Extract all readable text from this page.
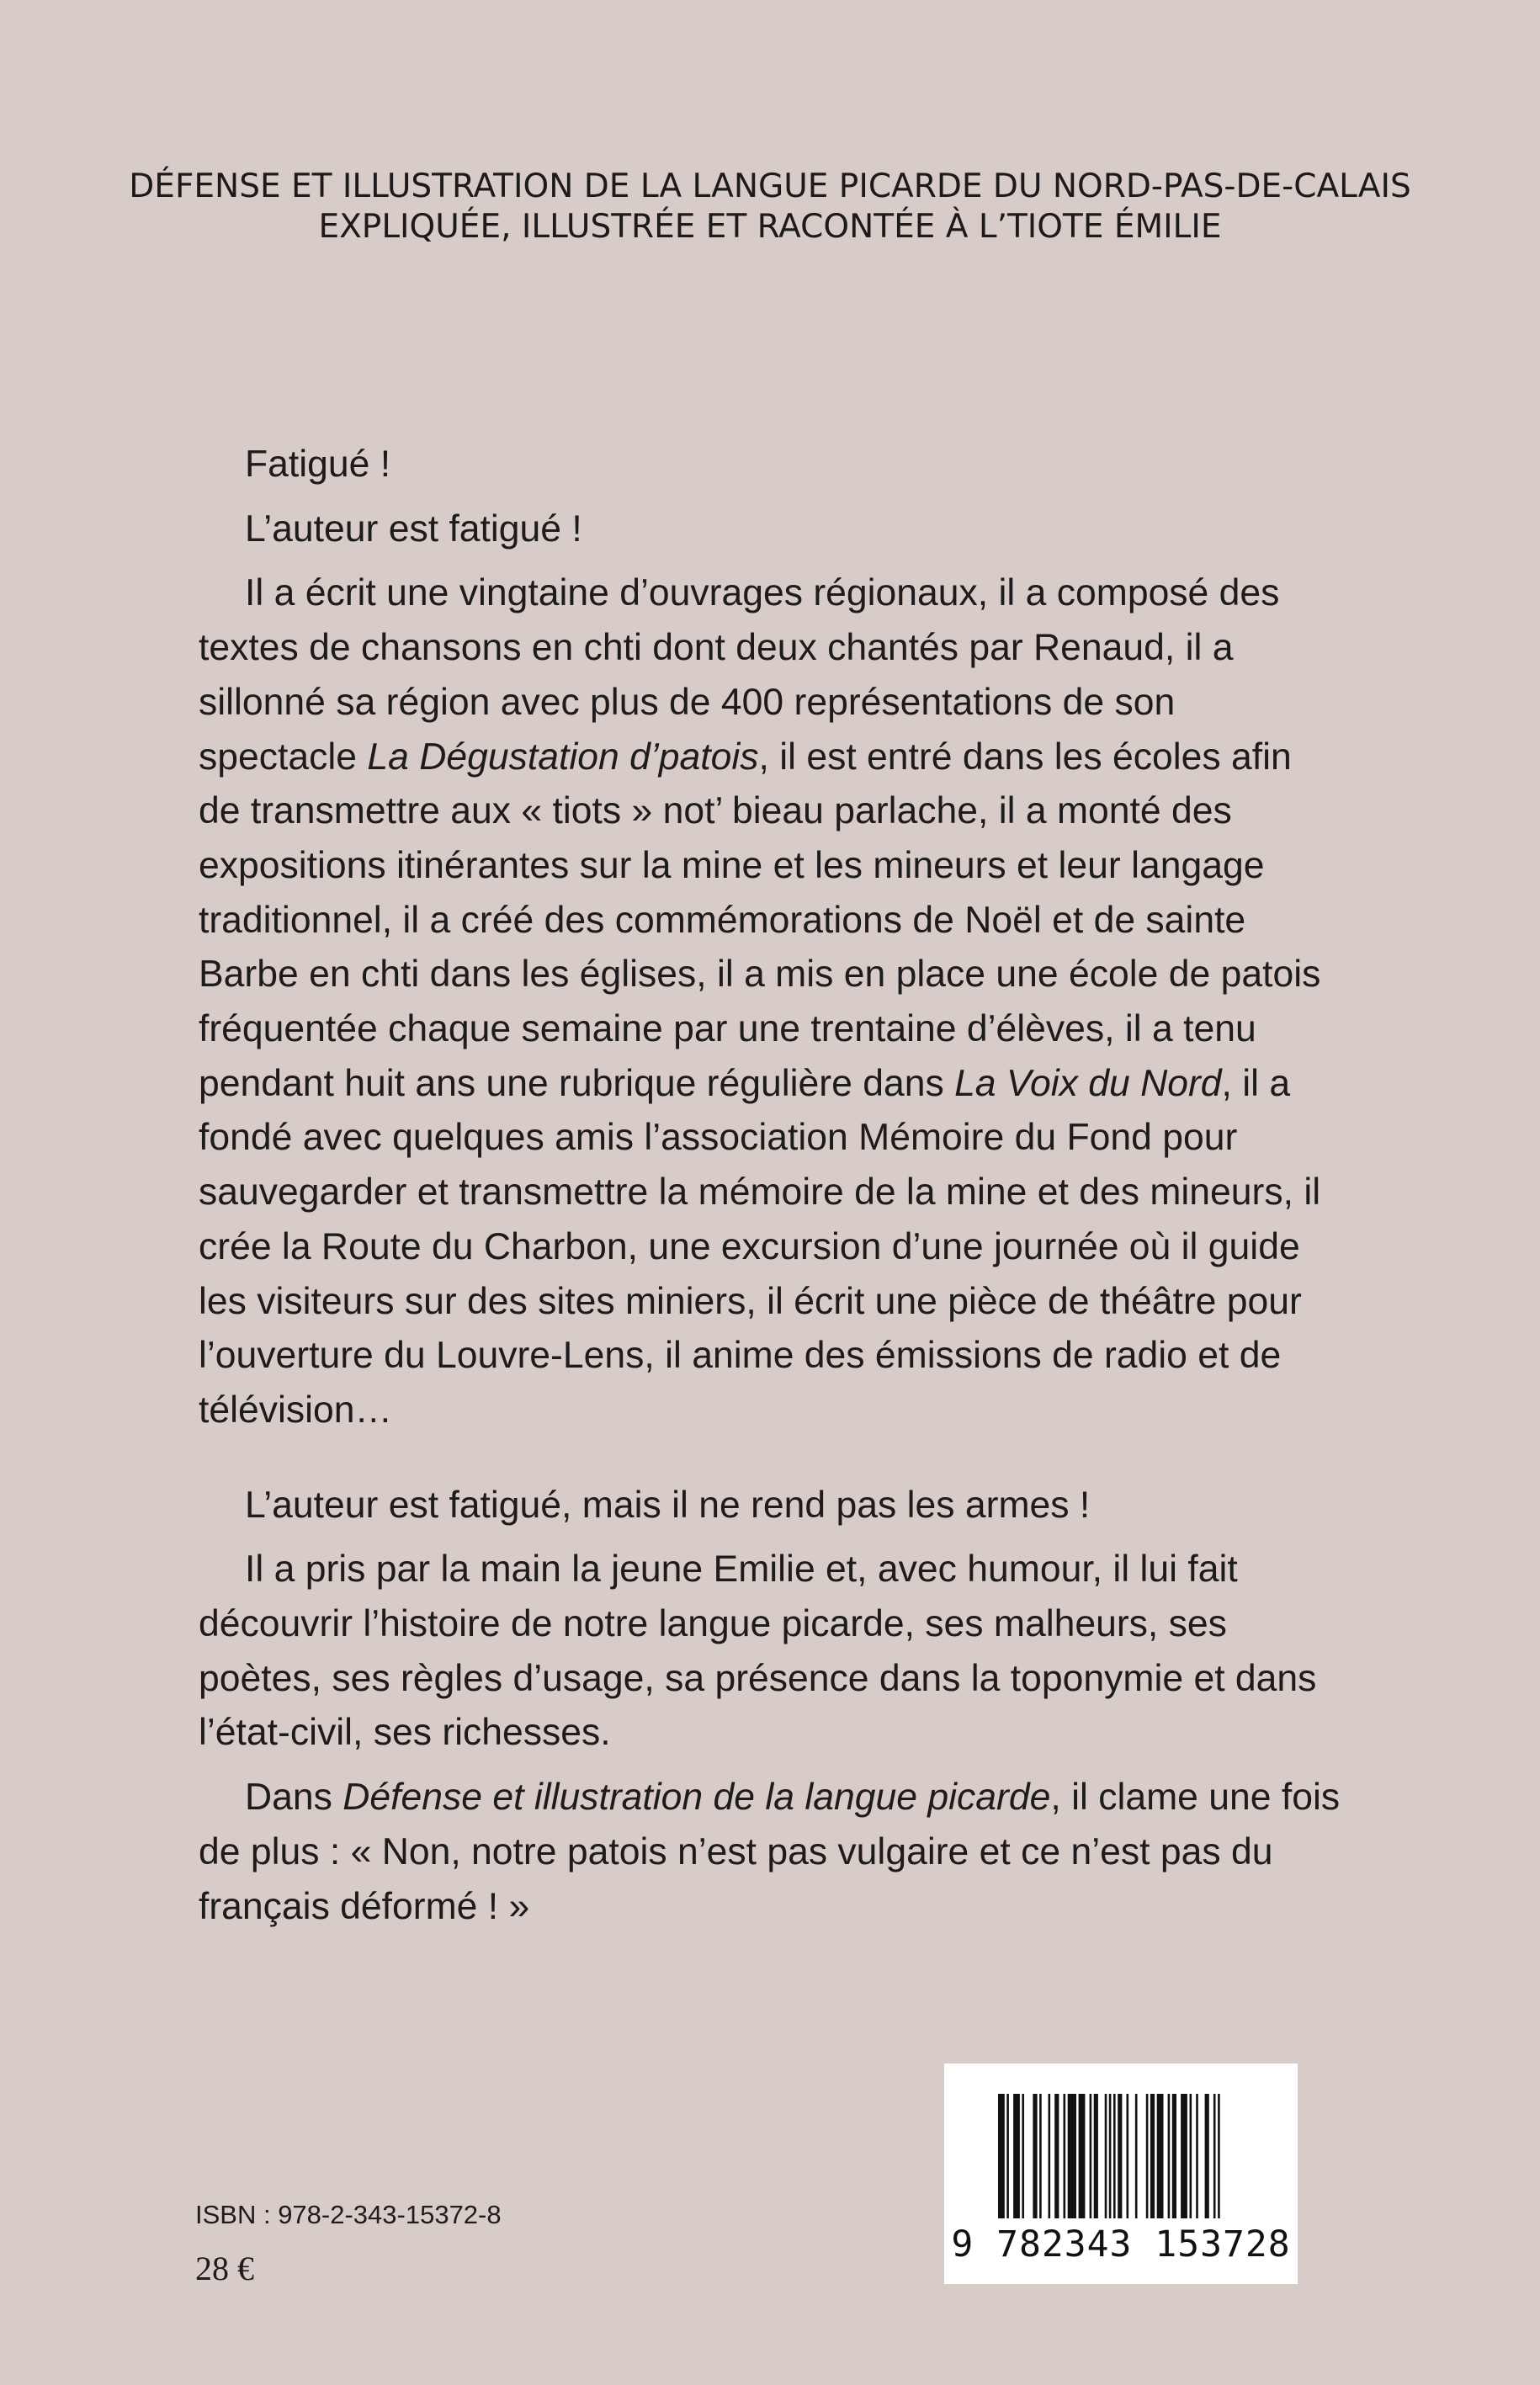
DÉFENSE ET ILLUSTRATION DE LA LANGUE PICARDE DU NORD-PAS-DE-CALAIS
EXPLIQUÉE, ILLUSTRÉE ET RACONTÉE À L’TIOTE ÉMILIE

Fatigué !

L’auteur est fatigué !

Il a écrit une vingtaine d’ouvrages régionaux, il a composé des textes de chansons en chti dont deux chantés par Renaud, il a sillonné sa région avec plus de 400 représentations de son spectacle La Dégustation d’patois, il est entré dans les écoles afin de transmettre aux « tiots » not’ bieau parlache, il a monté des expositions itinérantes sur la mine et les mineurs et leur langage traditionnel, il a créé des commémorations de Noël et de sainte Barbe en chti dans les églises, il a mis en place une école de patois fréquentée chaque semaine par une trentaine d’élèves, il a tenu pendant huit ans une rubrique régulière dans La Voix du Nord, il a fondé avec quelques amis l’association Mémoire du Fond pour sauvegarder et transmettre la mémoire de la mine et des mineurs, il crée la Route du Charbon, une excursion d’une journée où il guide les visiteurs sur des sites miniers, il écrit une pièce de théâtre pour l’ouverture du Louvre-Lens, il anime des émissions de radio et de télévision…

L’auteur est fatigué, mais il ne rend pas les armes !

Il a pris par la main la jeune Emilie et, avec humour, il lui fait découvrir l’histoire de notre langue picarde, ses malheurs, ses poètes, ses règles d’usage, sa présence dans la toponymie et dans l’état-civil, ses richesses.

Dans Défense et illustration de la langue picarde, il clame une fois de plus : « Non, notre patois n’est pas vulgaire et ce n’est pas du français déformé ! »

ISBN : 978-2-343-15372-8
28 €
9 782343 153728
